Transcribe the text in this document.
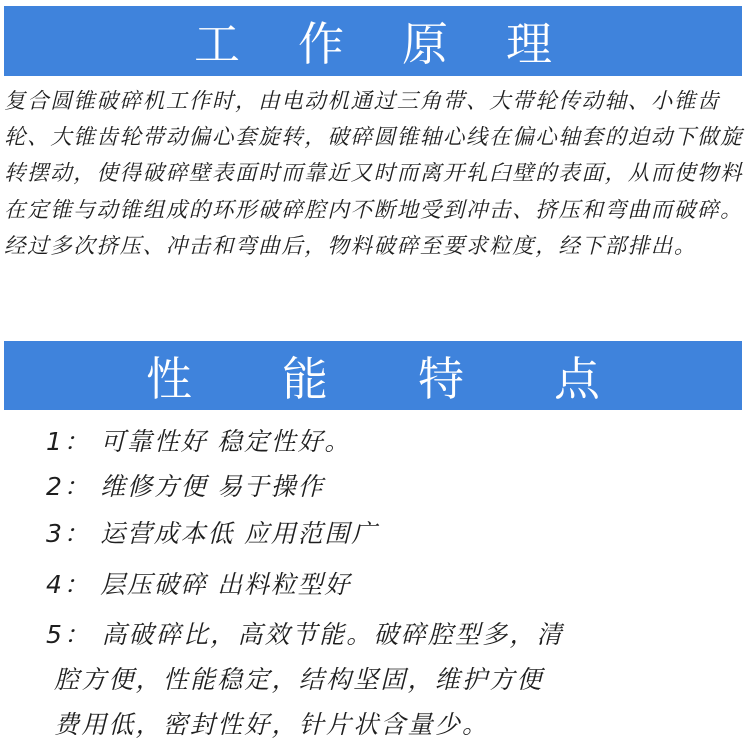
工作原理
复合圆锥破碎机工作时，由电动机通过三角带、大带轮传动轴、小锥齿轮、大锥齿轮带动偏心套旋转，破碎圆锥轴心线在偏心轴套的迫动下做旋转摆动，使得破碎壁表面时而靠近又时而离开轧臼壁的表面，从而使物料在定锥与动锥组成的环形破碎腔内不断地受到冲击、挤压和弯曲而破碎。经过多次挤压、冲击和弯曲后，物料破碎至要求粒度，经下部排出。
性能特点
1： 可靠性好 稳定性好。
2： 维修方便 易于操作
3： 运营成本低 应用范围广
4： 层压破碎 出料粒型好
5： 高破碎比，高效节能。破碎腔型多，清
腔方便，性能稳定，结构坚固，维护方便
费用低，密封性好，针片状含量少。
